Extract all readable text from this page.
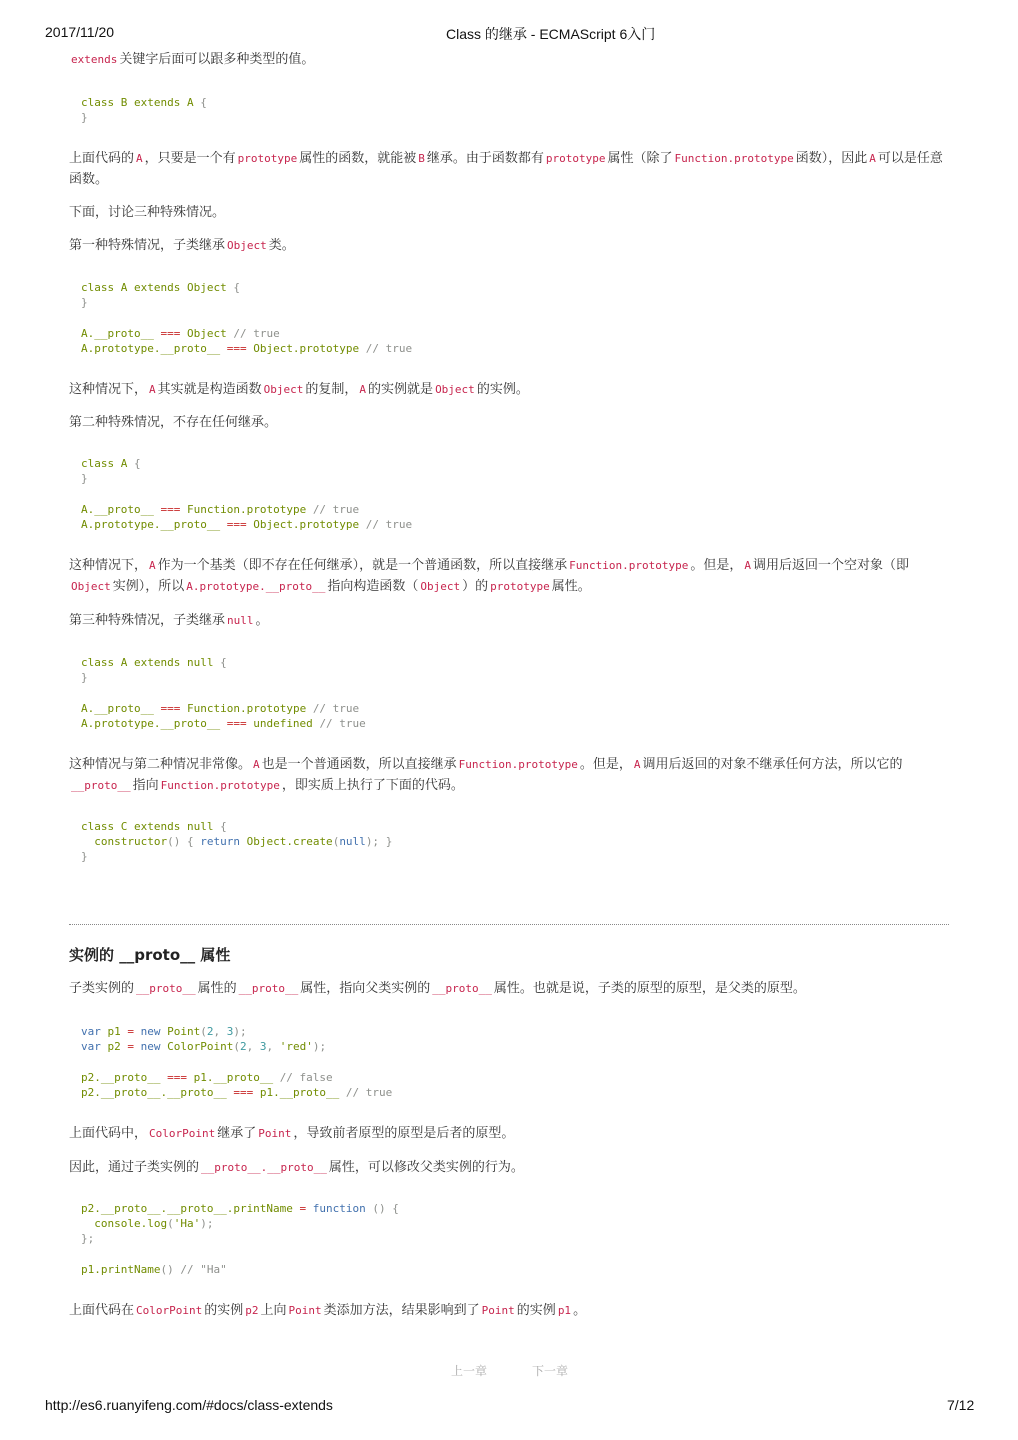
2017/11/20	Class 的继承 - ECMAScript 6入门

extends 关键字后面可以跟多种类型的值。

class B extends A {
}

上面代码的 A ，只要是一个有 prototype 属性的函数，就能被 B 继承。由于函数都有 prototype 属性（除了 Function.prototype 函数），因此 A 可以是任意函数。

下面，讨论三种特殊情况。

第一种特殊情况，子类继承 Object 类。

class A extends Object {
}

A.__proto__ === Object // true
A.prototype.__proto__ === Object.prototype // true

这种情况下， A 其实就是构造函数 Object 的复制， A 的实例就是 Object 的实例。

第二种特殊情况，不存在任何继承。

class A {
}

A.__proto__ === Function.prototype // true
A.prototype.__proto__ === Object.prototype // true

这种情况下， A 作为一个基类（即不存在任何继承），就是一个普通函数，所以直接继承 Function.prototype 。但是， A 调用后返回一个空对象（即Object 实例），所以 A.prototype.__proto__ 指向构造函数（ Object ）的 prototype 属性。

第三种特殊情况，子类继承 null 。

class A extends null {
}

A.__proto__ === Function.prototype // true
A.prototype.__proto__ === undefined // true

这种情况与第二种情况非常像。 A 也是一个普通函数，所以直接继承 Function.prototype 。但是， A 调用后返回的对象不继承任何方法，所以它的__proto__ 指向 Function.prototype ，即实质上执行了下面的代码。

class C extends null {
constructor() { return Object.create(null); }
}
实例的 __proto__ 属性

子类实例的 __proto__ 属性的 __proto__ 属性，指向父类实例的 __proto__ 属性。也就是说，子类的原型的原型，是父类的原型。

var p1 = new Point(2, 3);
var p2 = new ColorPoint(2, 3, 'red');

p2.__proto__ === p1.__proto__ // false
p2.__proto__.__proto__ === p1.__proto__ // true

上面代码中， ColorPoint 继承了 Point ，导致前者原型的原型是后者的原型。

因此，通过子类实例的 __proto__.__proto__ 属性，可以修改父类实例的行为。

p2.__proto__.__proto__.printName = function () {
console.log('Ha');
};

p1.printName() // "Ha"

上面代码在 ColorPoint 的实例 p2 上向 Point 类添加方法，结果影响到了 Point 的实例 p1 。

上一章	下一章
http://es6.ruanyifeng.com/#docs/class-extends	7/12
